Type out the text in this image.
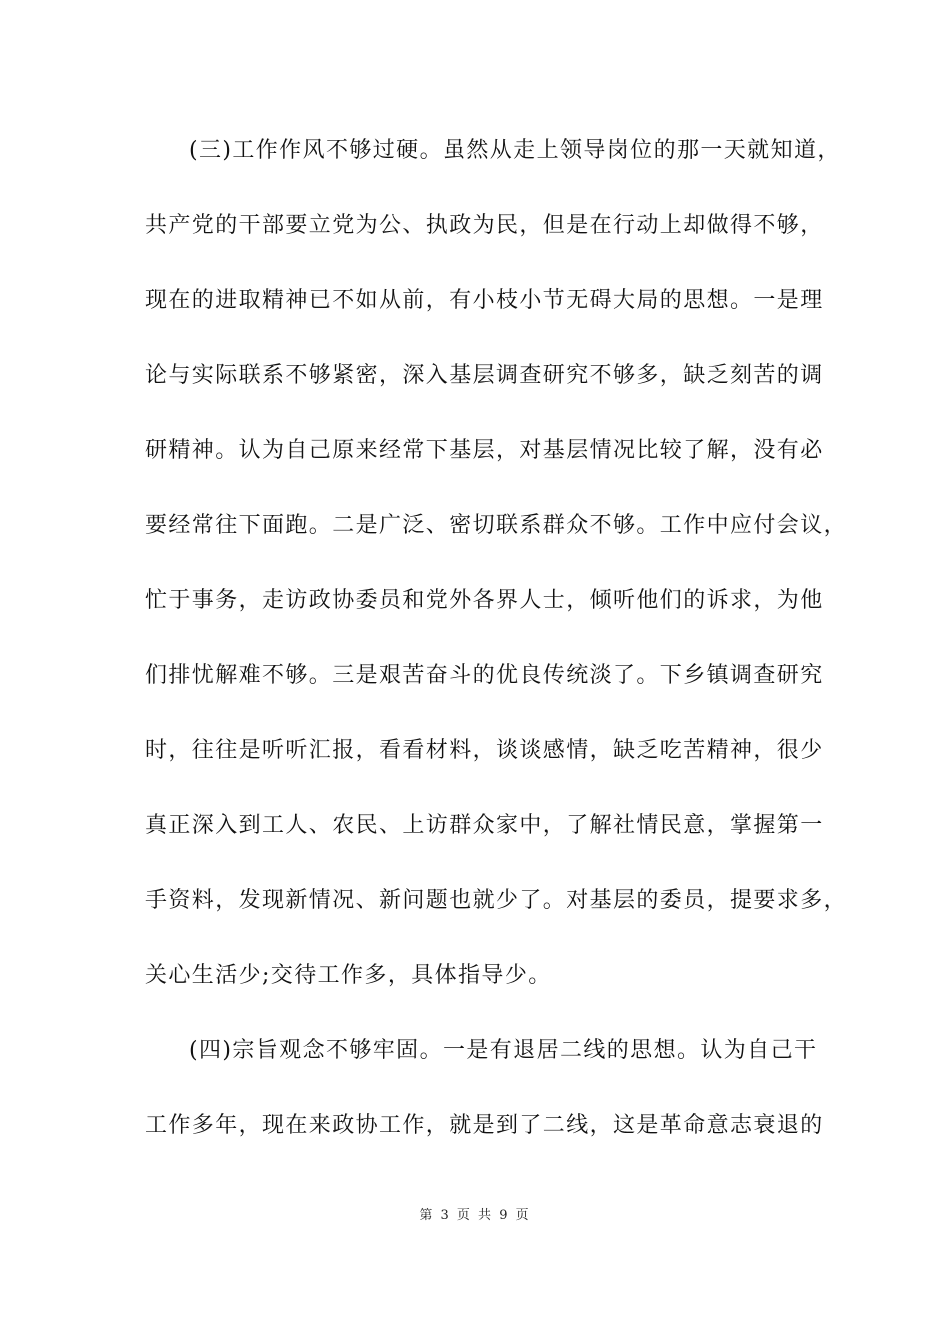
(三)工作作风不够过硬。虽然从走上领导岗位的那一天就知道，
共产党的干部要立党为公、执政为民，但是在行动上却做得不够，
现在的进取精神已不如从前，有小枝小节无碍大局的思想。一是理
论与实际联系不够紧密，深入基层调查研究不够多，缺乏刻苦的调
研精神。认为自己原来经常下基层，对基层情况比较了解，没有必
要经常往下面跑。二是广泛、密切联系群众不够。工作中应付会议，
忙于事务，走访政协委员和党外各界人士，倾听他们的诉求，为他
们排忧解难不够。三是艰苦奋斗的优良传统淡了。下乡镇调查研究
时，往往是听听汇报，看看材料，谈谈感情，缺乏吃苦精神，很少
真正深入到工人、农民、上访群众家中，了解社情民意，掌握第一
手资料，发现新情况、新问题也就少了。对基层的委员，提要求多，
关心生活少;交待工作多，具体指导少。
(四)宗旨观念不够牢固。一是有退居二线的思想。认为自己干
工作多年，现在来政协工作，就是到了二线，这是革命意志衰退的
第 3 页 共 9 页
